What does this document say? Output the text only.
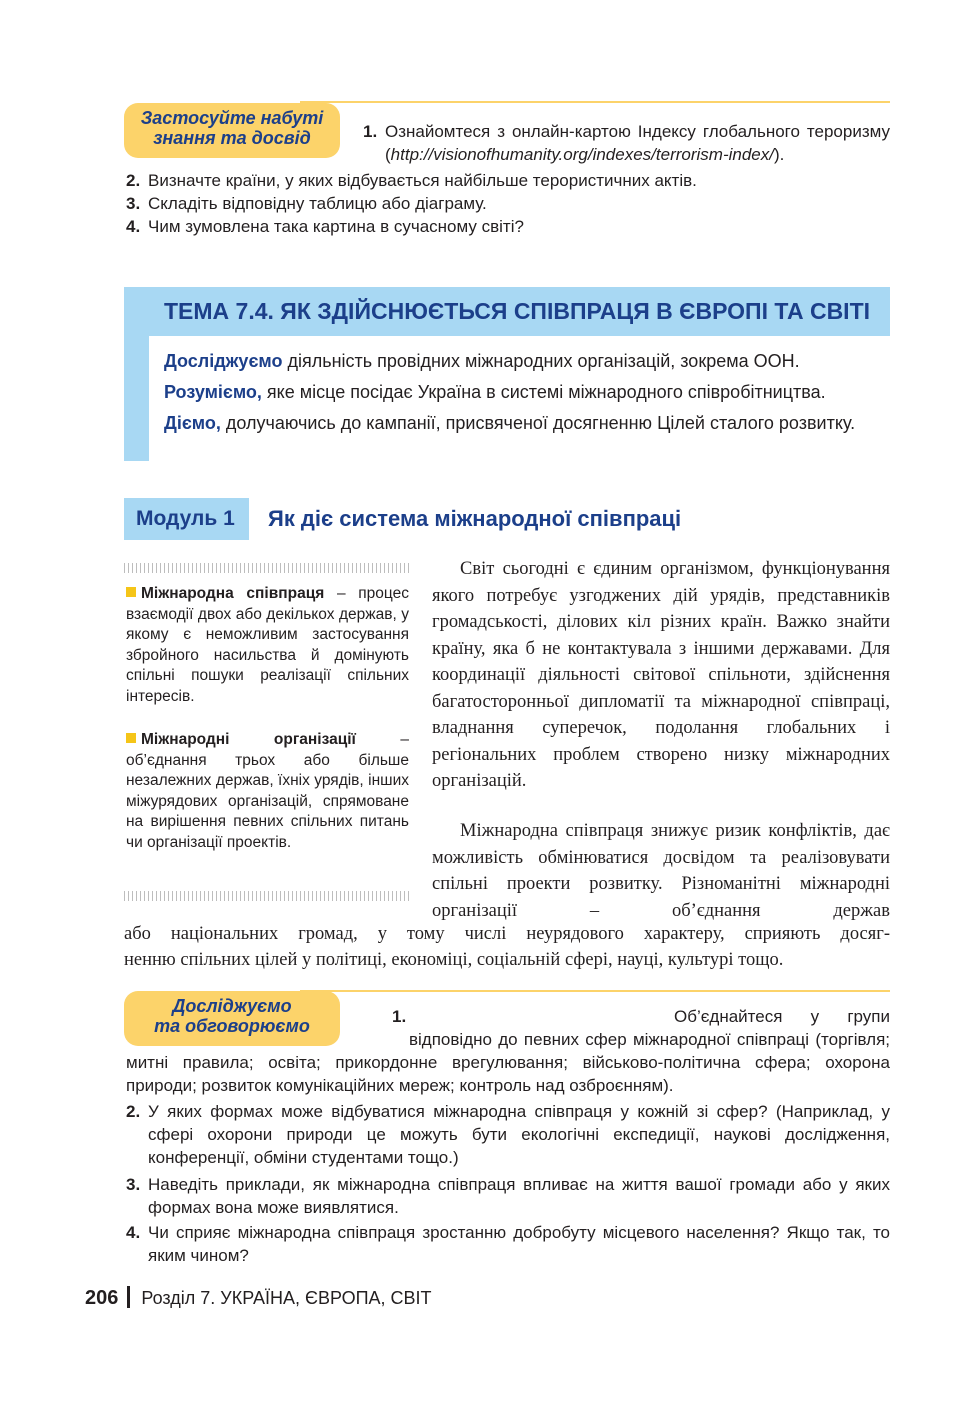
Застосуйте набуті
знання та досвід	1. Ознайомтеся з онлайн-картою Індексу глобального тероризму (http://visionofhumanity.org/indexes/terrorism-index/).
2. Визначте країни, у яких відбувається найбільше терористичних актів.
3. Складіть відповідну таблицю або діаграму.
4. Чим зумовлена така картина в сучасному світі?
ТЕМА 7.4. ЯК ЗДІЙСНЮЄТЬСЯ СПІВПРАЦЯ В ЄВРОПІ ТА СВІТІ
Досліджуємо діяльність провідних міжнародних організацій, зокрема ООН.
Розуміємо, яке місце посідає Україна в системі міжнародного співробітництва.
Діємо, долучаючись до кампанії, присвяченої досягненню Цілей сталого розвитку.
Модуль 1 Як діє система міжнародної співпраці
Міжнародна співпраця – процес взаємодії двох або декількох держав, у якому є неможливим застосування збройного насильства й домінують спільні пошуки реалізації спільних інтересів.
Міжнародні організації – об’єднання трьох або більше незалежних держав, їхніх урядів, інших міжурядових організацій, спрямоване на вирішення певних спільних питань чи організації проектів.
Світ сьогодні є єдиним організмом, функціонування якого потребує узгоджених дій урядів, представників громадськості, ділових кіл різних країн. Важко знайти країну, яка б не контактувала з іншими державами. Для координації діяльності світової спільноти, здійснення багатосторонньої дипломатії та міжнародної співпраці, владнання суперечок, подолання глобальних і регіональних проблем створено низку міжнародних організацій.
Міжнародна співпраця знижує ризик конфліктів, дає можливість обмінюватися досвідом та реалізовувати спільні проекти розвитку. Різноманітні міжнародні організації – об’єднання держав
або національних громад, у тому числі неурядового характеру, сприяють досяг-
ненню спільних цілей у політиці, економіці, соціальній сфері, науці, культурі тощо.
Досліджуємо
та обговорюємо	1.	Об’єднайтеся у групи відповідно до певних сфер міжнародної співпраці (торгівля; митні правила; освіта; прикордонне врегулювання; військово-політична сфера; охорона природи; розвиток комунікаційних мереж; контроль над озброєнням).
2. У яких формах може відбуватися міжнародна співпраця у кожній зі сфер? (Наприклад, у сфері охорони природи це можуть бути екологічні експедиції, наукові дослідження, конференції, обміни студентами тощо.)
3. Наведіть приклади, як міжнародна співпраця впливає на життя вашої громади або у яких формах вона може виявлятися.
4. Чи сприяє міжнародна співпраця зростанню добробуту місцевого населення? Якщо так, то яким чином?
206 Розділ 7. УКРАЇНА, ЄВРОПА, СВІТ
